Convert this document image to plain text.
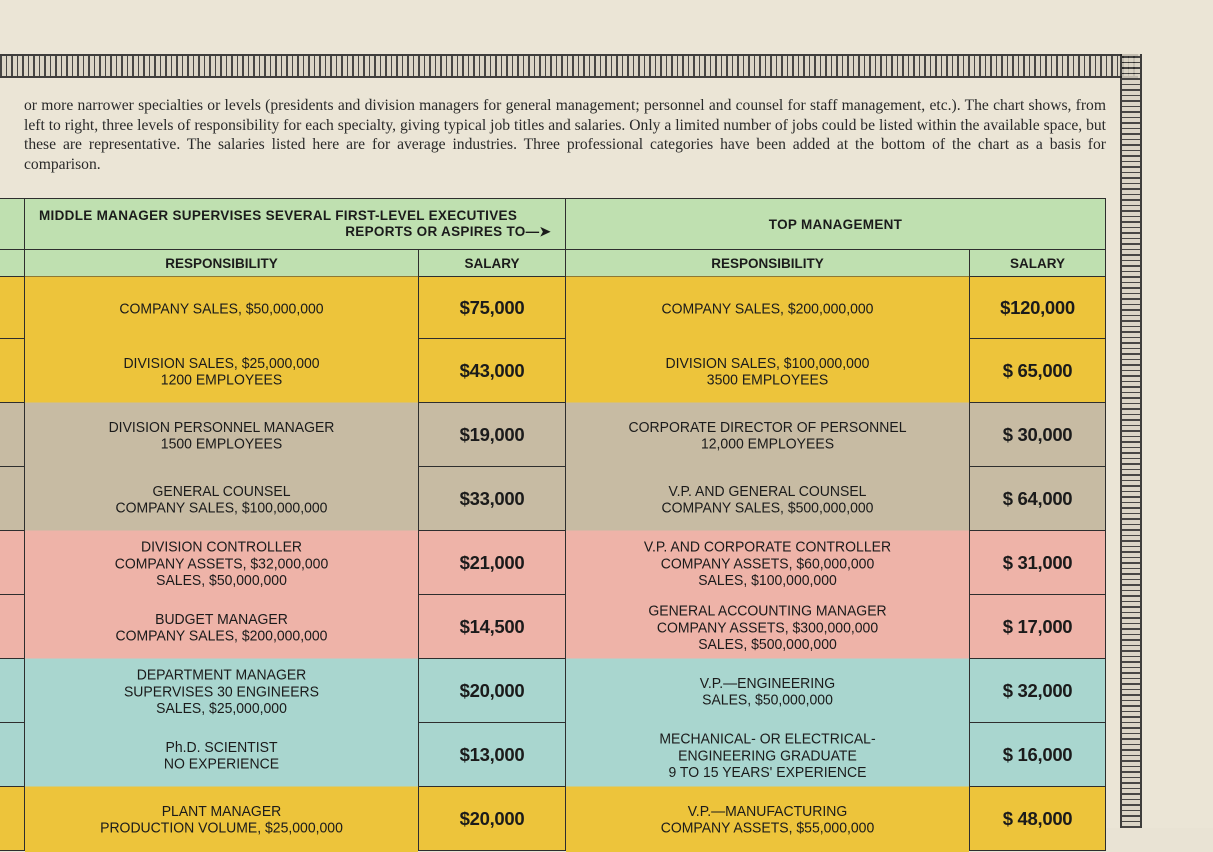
or more narrower specialties or levels (presidents and division managers for general management; personnel and counsel for staff management, etc.). The chart shows, from left to right, three levels of responsibility for each specialty, giving typical job titles and salaries. Only a limited number of jobs could be listed within the available space, but these are representative. The salaries listed here are for average industries. Three professional categories have been added at the bottom of the chart as a basis for comparison.

	MIDDLE MANAGER SUPERVISES SEVERAL FIRST-LEVEL EXECUTIVES
REPORTS OR ASPIRES TO—➤		TOP MANAGEMENT	
	RESPONSIBILITY	SALARY	RESPONSIBILITY	SALARY

	COMPANY SALES, $50,000,000	$75,000	COMPANY SALES, $200,000,000	$120,000

	DIVISION SALES, $25,000,000
1200 EMPLOYEES	$43,000	DIVISION SALES, $100,000,000
3500 EMPLOYEES	$ 65,000

	DIVISION PERSONNEL MANAGER
1500 EMPLOYEES	$19,000	CORPORATE DIRECTOR OF PERSONNEL
12,000 EMPLOYEES	$ 30,000

	GENERAL COUNSEL
COMPANY SALES, $100,000,000	$33,000	V.P. AND GENERAL COUNSEL
COMPANY SALES, $500,000,000	$ 64,000

	DIVISION CONTROLLER
COMPANY ASSETS, $32,000,000
SALES, $50,000,000	$21,000	V.P. AND CORPORATE CONTROLLER
COMPANY ASSETS, $60,000,000
SALES, $100,000,000	$ 31,000

	BUDGET MANAGER
COMPANY SALES, $200,000,000	$14,500	GENERAL ACCOUNTING MANAGER
COMPANY ASSETS, $300,000,000
SALES, $500,000,000	$ 17,000

	DEPARTMENT MANAGER
SUPERVISES 30 ENGINEERS
SALES, $25,000,000	$20,000	V.P.—ENGINEERING
SALES, $50,000,000	$ 32,000

	Ph.D. SCIENTIST
NO EXPERIENCE	$13,000	MECHANICAL- OR ELECTRICAL-
ENGINEERING GRADUATE
9 TO 15 YEARS' EXPERIENCE	$ 16,000

	PLANT MANAGER
PRODUCTION VOLUME, $25,000,000	$20,000	V.P.—MANUFACTURING
COMPANY ASSETS, $55,000,000	$ 48,000
